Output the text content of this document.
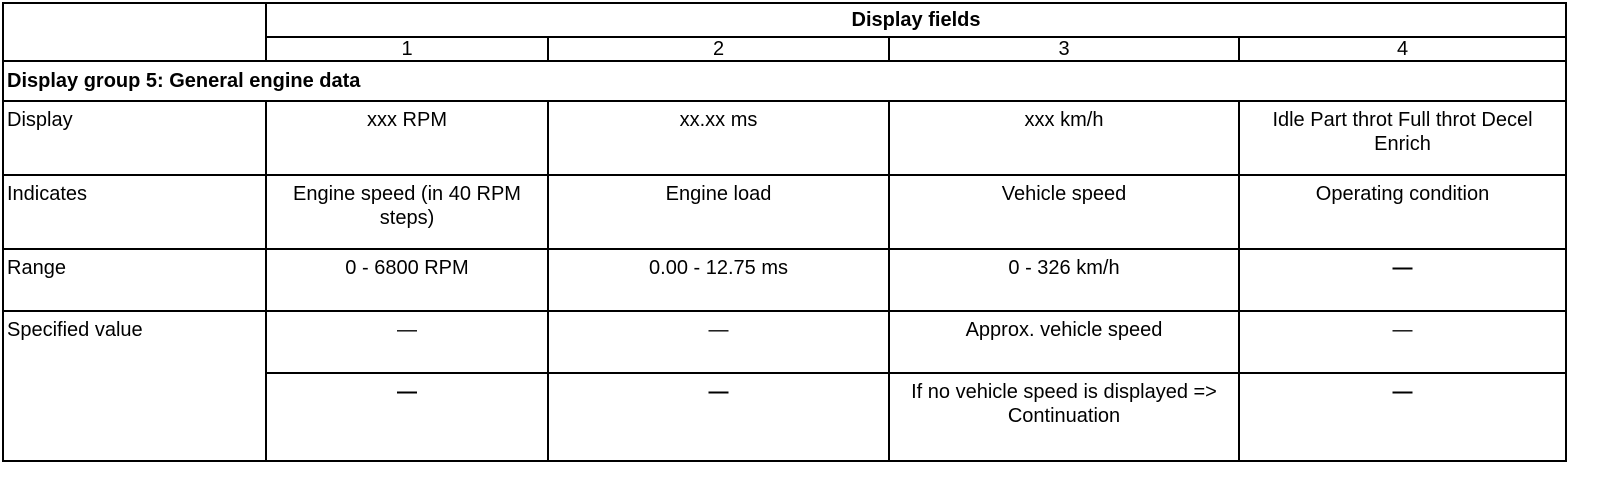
	Display fields			
	1	2	3	4
Display group 5: General engine data				
Display	xxx RPM	xx.xx ms	xxx km/h	Idle Part throt Full throt Decel Enrich
Indicates	Engine speed (in 40 RPM steps)	Engine load	Vehicle speed	Operating condition
Range	0 - 6800 RPM	0.00 - 12.75 ms	0 - 326 km/h	—
Specified value	—	—	Approx. vehicle speed	—
	—	—	If no vehicle speed is displayed => Continuation	—
